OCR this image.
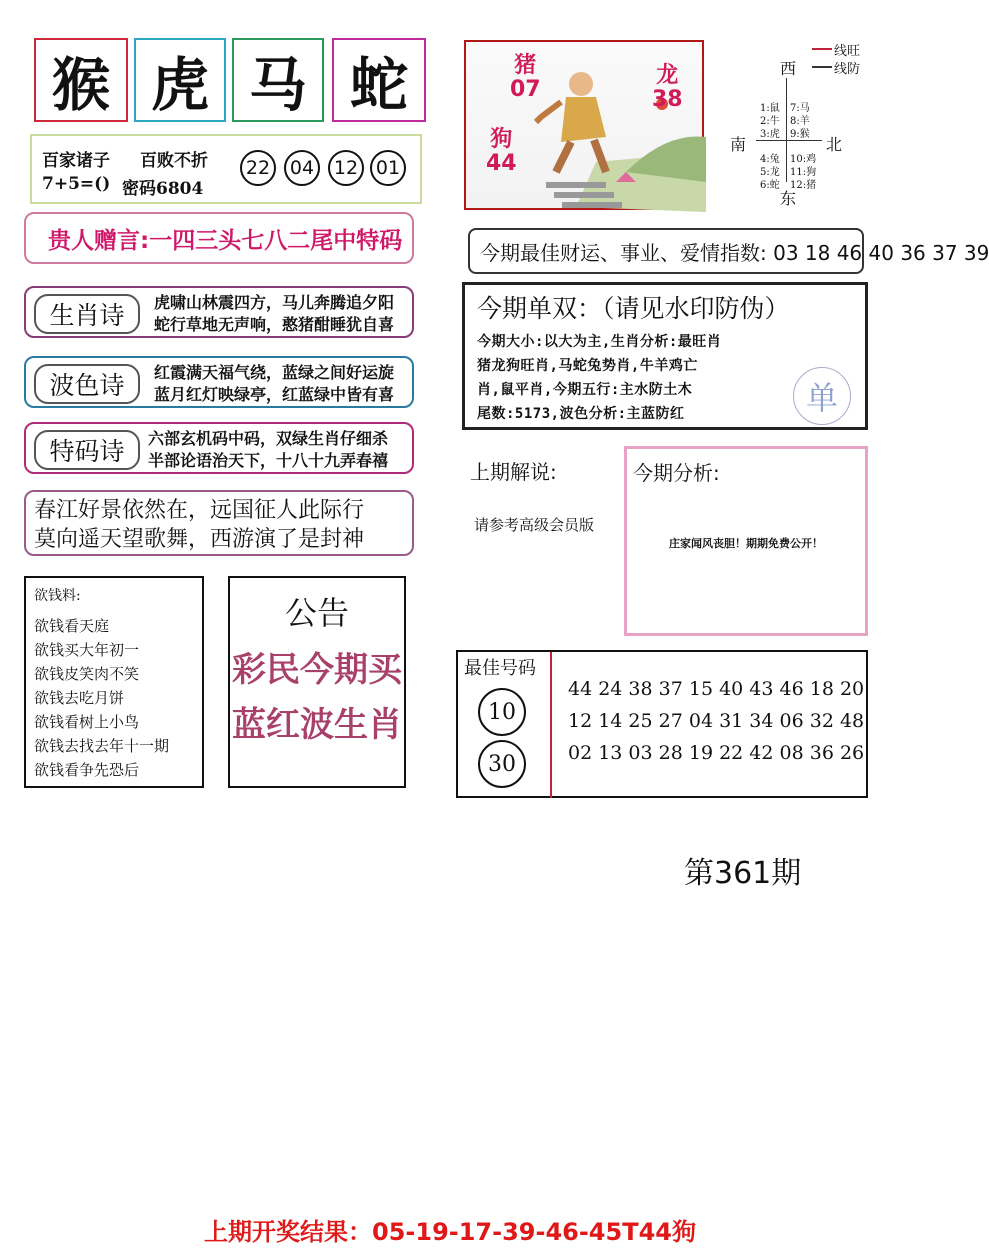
猴 虎 马 蛇
百家诸子 百败不折
7+5=() 密码6804
22	04	12 01
贵人赠言:一四三头七八二尾中特码
生肖诗	虎啸山林震四方，马儿奔腾追夕阳
蛇行草地无声响，憨猪酣睡犹自喜
波色诗	红霞满天福气绕，蓝绿之间好运旋
蓝月红灯映绿亭，红蓝绿中皆有喜
特码诗	六部玄机码中码，双绿生肖仔细杀
半部论语治天下，十八十九弄春禧
春江好景依然在，远国征人此际行
莫向遥天望歌舞，西游演了是封神
欲钱料:
欲钱看天庭
欲钱买大年初一
欲钱皮笑肉不笑
欲钱去吃月饼
欲钱看树上小鸟
欲钱去找去年十一期
欲钱看争先恐后
公告
彩民今期买
蓝红波生肖
猪
07
狗
44
龙
38
线旺
线防
西
南	北
东
1:鼠
2:牛
3:虎
4:兔
5:龙
6:蛇
7:马
8:羊
9:猴
10:鸡
11:狗
12:猪
今期最佳财运、事业、爱情指数: 03 18 46 40 36 37 39
今期单双：（请见水印防伪）
今期大小:以大为主,生肖分析:最旺肖
猪龙狗旺肖,马蛇兔势肖,牛羊鸡亡
肖,鼠平肖,今期五行:主水防土木
尾数:5173,波色分析:主蓝防红	单
上期解说:
请参考高级会员版
今期分析:
庄家闻风丧胆！期期免费公开！
最佳号码
10
30
44 24 38 37 15 40 43 46 18 20
12 14 25 27 04 31 34 06 32 48
02 13 03 28 19 22 42 08 36 26
第361期
上期开奖结果：05-19-17-39-46-45T44狗
